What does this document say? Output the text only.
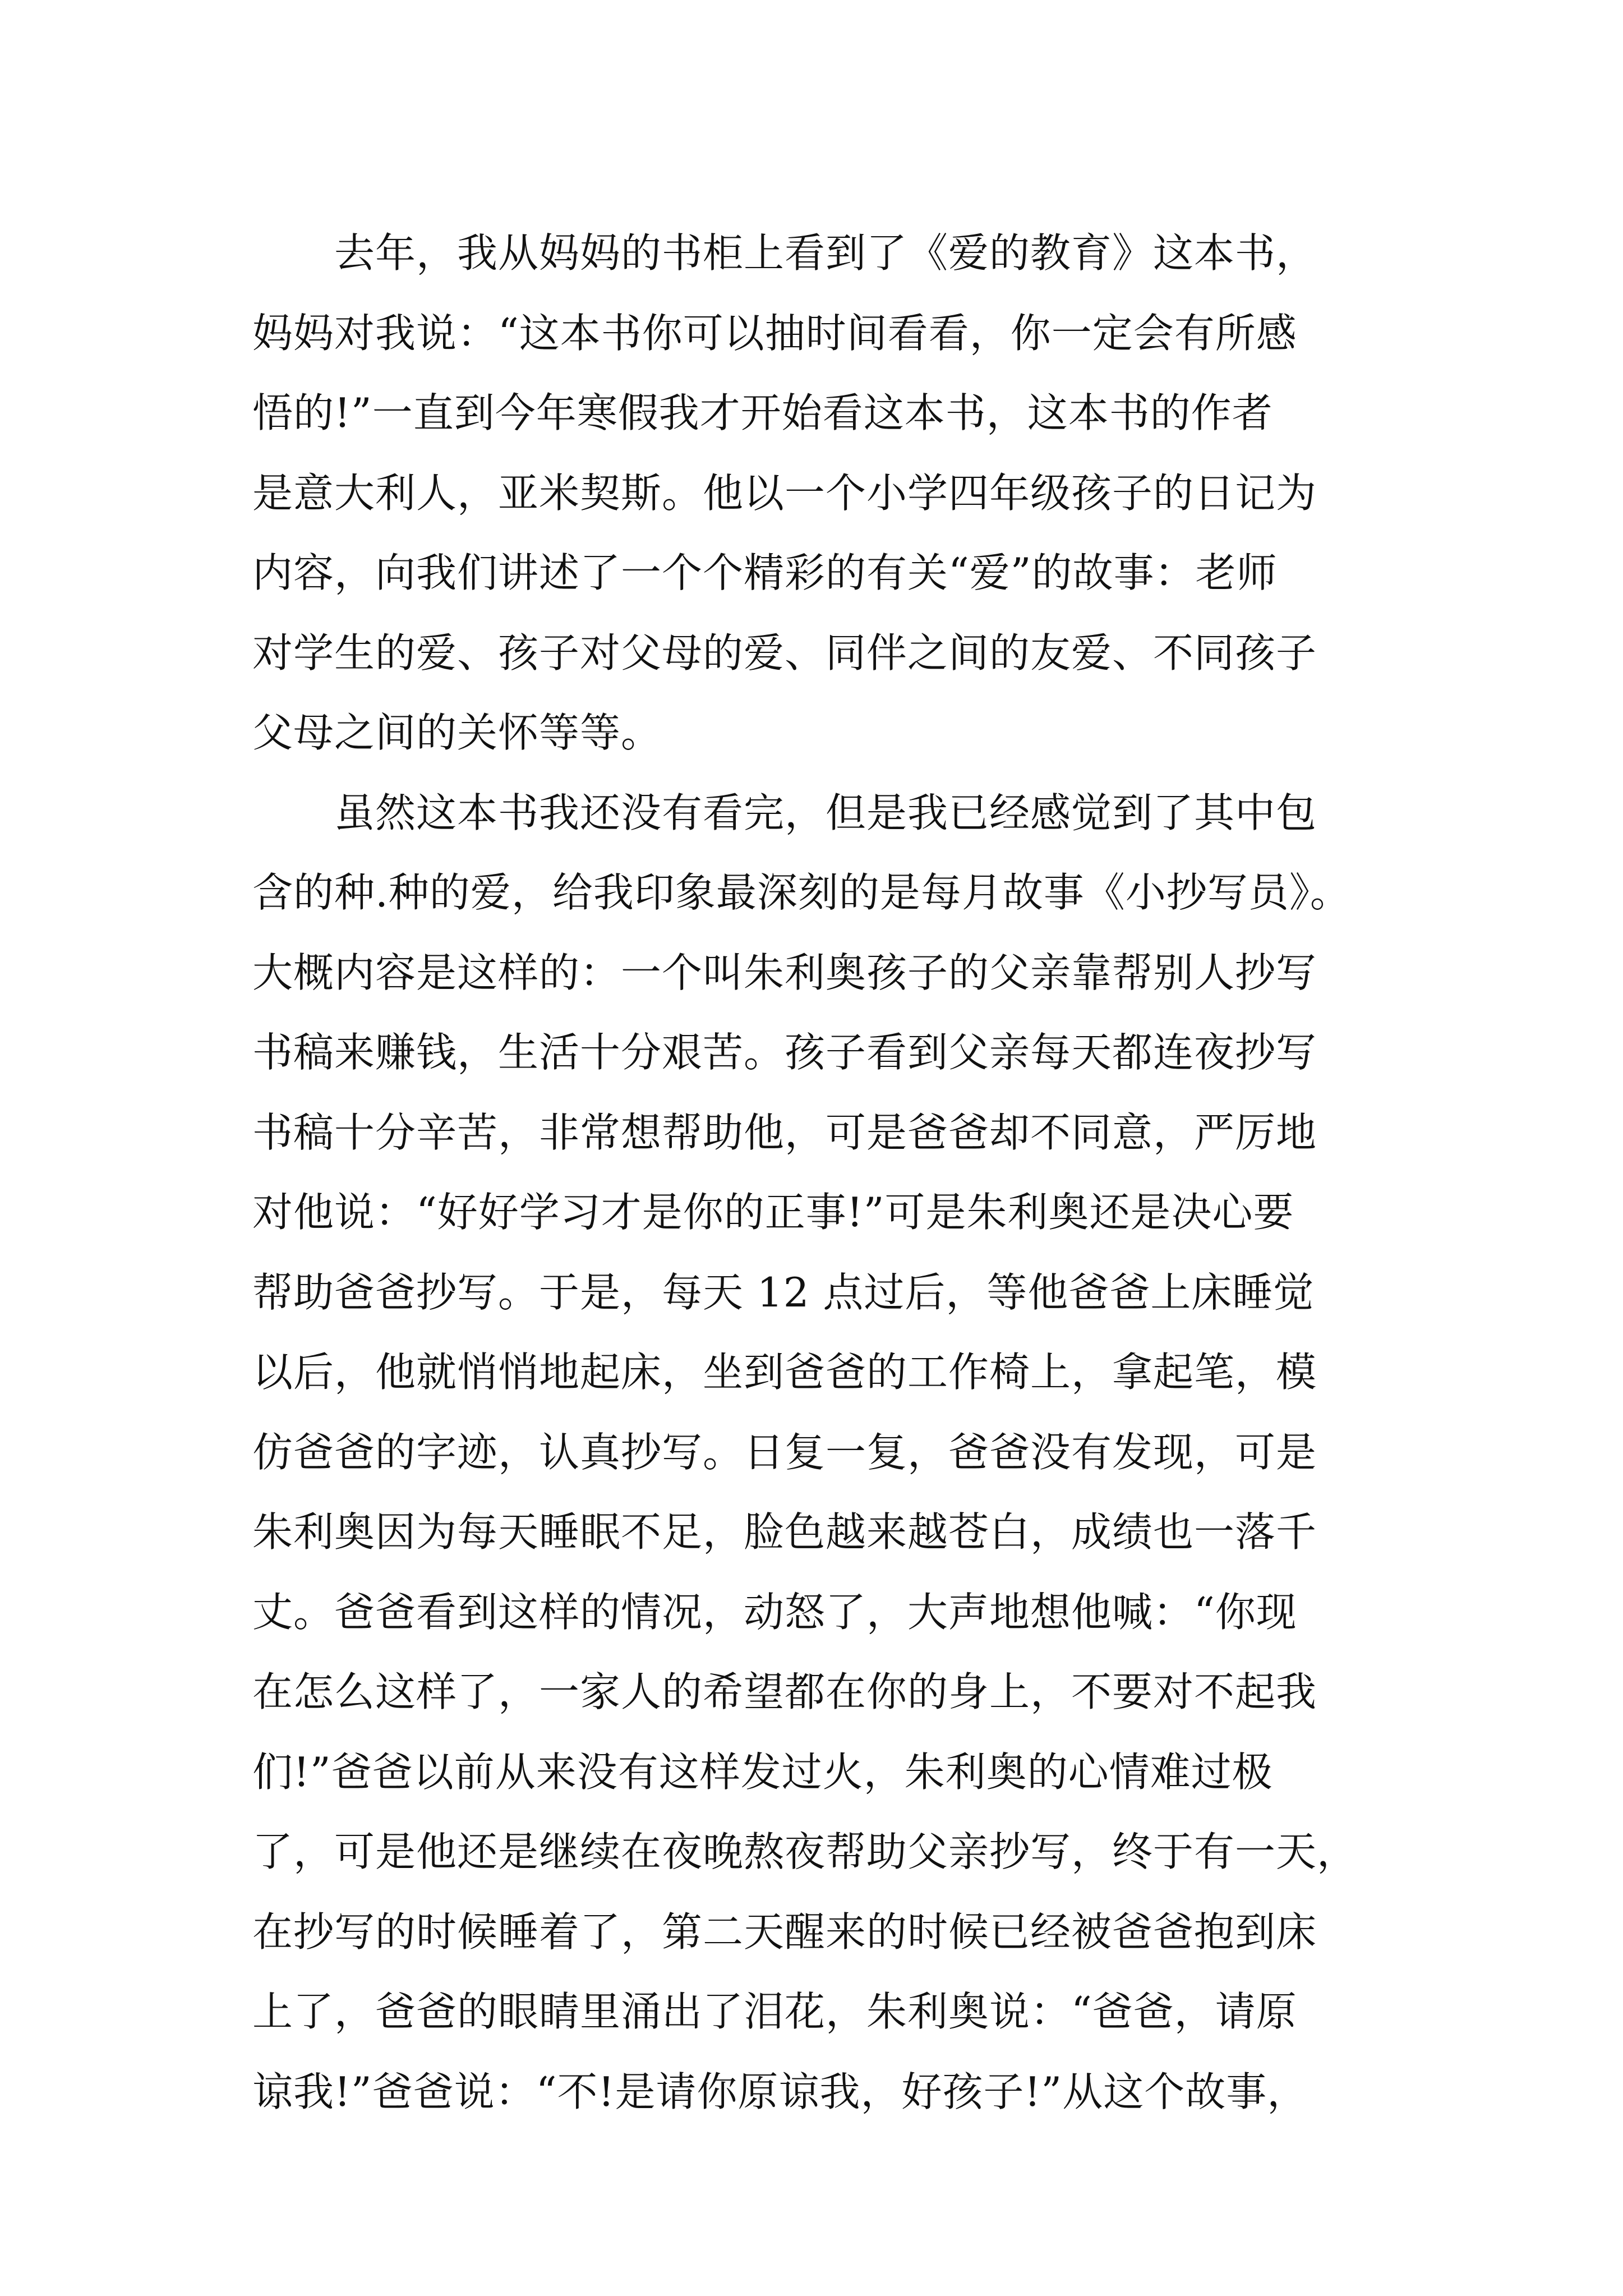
去年，我从妈妈的书柜上看到了《爱的教育》这本书，
妈妈对我说：“这本书你可以抽时间看看，你一定会有所感
悟的!”一直到今年寒假我才开始看这本书，这本书的作者
是意大利人，亚米契斯。他以一个小学四年级孩子的日记为
内容，向我们讲述了一个个精彩的有关“爱”的故事：老师
对学生的爱、孩子对父母的爱、同伴之间的友爱、不同孩子
父母之间的关怀等等。
虽然这本书我还没有看完，但是我已经感觉到了其中包
含的种.种的爱，给我印象最深刻的是每月故事《小抄写员》。
大概内容是这样的：一个叫朱利奥孩子的父亲靠帮别人抄写
书稿来赚钱，生活十分艰苦。孩子看到父亲每天都连夜抄写
书稿十分辛苦，非常想帮助他，可是爸爸却不同意，严厉地
对他说：“好好学习才是你的正事!”可是朱利奥还是决心要
帮助爸爸抄写。于是，每天 12 点过后，等他爸爸上床睡觉
以后，他就悄悄地起床，坐到爸爸的工作椅上，拿起笔，模
仿爸爸的字迹，认真抄写。日复一复，爸爸没有发现，可是
朱利奥因为每天睡眠不足，脸色越来越苍白，成绩也一落千
丈。爸爸看到这样的情况，动怒了，大声地想他喊：“你现
在怎么这样了，一家人的希望都在你的身上，不要对不起我
们!”爸爸以前从来没有这样发过火，朱利奥的心情难过极
了，可是他还是继续在夜晚熬夜帮助父亲抄写，终于有一天，
在抄写的时候睡着了，第二天醒来的时候已经被爸爸抱到床
上了，爸爸的眼睛里涌出了泪花，朱利奥说：“爸爸，请原
谅我!”爸爸说：“不!是请你原谅我，好孩子!”从这个故事，
